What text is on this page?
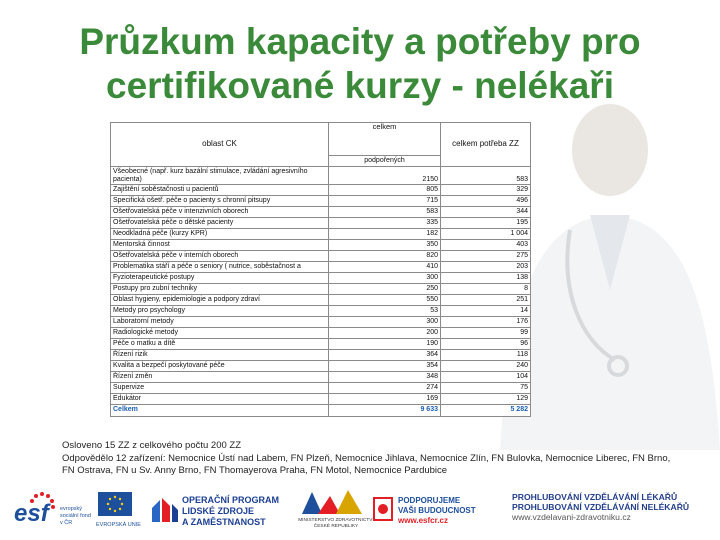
Průzkum kapacity a potřeby pro
certifikované kurzy - nelékaři
oblast CK	celkem	celkem potřeba ZZ
	podpořených	
Všeobecné (např. kurz bazální stimulace, zvládání agresivního pacienta)	2150	583
Zajištění soběstačnosti u pacientů	805	329
Specifická ošetř. péče o pacienty s chronní pitsupy	715	496
Ošetřovatelská péče v intenzivních oborech	583	344
Ošetřovatelská péče o dětské pacienty	335	195
Neodkladná péče (kurzy KPR)	182	1 004
Mentorská činnost	350	403
Ošetřovatelská péče v interních oborech	820	275
Problematika stáří a péče o seniory ( nutrice, soběstačnost a	410	203
Fyzioterapeutické postupy	300	138
Postupy pro zubní techniky	250	8
Oblast hygieny, epidemiologie a podpory zdraví	550	251
Metody pro psychology	53	14
Laboratorní metody	300	176
Radiologické metody	200	99
Péče o matku a dítě	190	96
Řízení rizik	364	118
Kvalita a bezpečí poskytované péče	354	240
Řízení změn	348	104
Supervize	274	75
Edukátor	169	129
Celkem	9 633	5 282
Osloveno 15 ZZ z celkového počtu 200 ZZ
Odpovědělo 12 zařízení: Nemocnice Ústí nad Labem, FN Plzeň, Nemocnice Jihlava, Nemocnice Zlín, FN Bulovka, Nemocnice Liberec, FN Brno,
FN Ostrava, FN u Sv. Anny Brno, FN Thomayerova Praha, FN Motol, Nemocnice Pardubice
esf evropský sociální fond v ČR	EVROPSKÁ UNIE
OPERAČNÍ PROGRAM
LIDSKÉ ZDROJE
A ZAMĚSTNANOST	MINISTERSTVO ZDRAVOTNICTVÍ
ČESKÉ REPUBLIKY
PODPORUJEME
VAŠI BUDOUCNOST
www.esfcr.cz
PROHLUBOVÁNÍ VZDĚLÁVÁNÍ LÉKAŘŮ
PROHLUBOVÁNÍ VZDĚLÁVÁNÍ NELÉKAŘŮ
www.vzdelavani-zdravotniku.cz
